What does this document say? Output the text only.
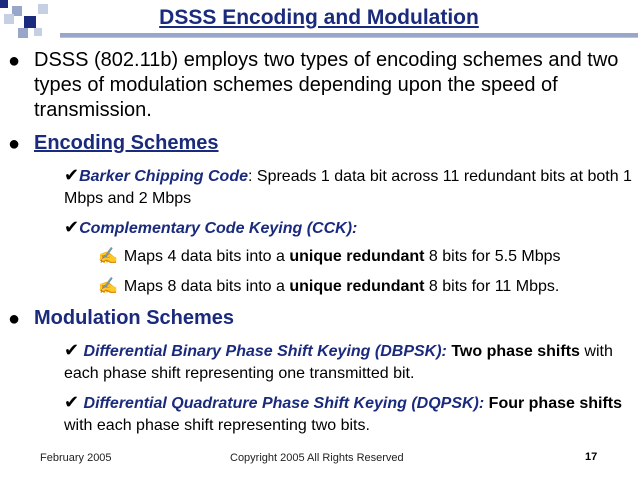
DSSS Encoding and Modulation
● DSSS (802.11b) employs two types of encoding schemes and two types of modulation schemes depending upon the speed of transmission.
● Encoding Schemes
✔Barker Chipping Code: Spreads 1 data bit across 11 redundant bits at both 1 Mbps and 2 Mbps
✔Complementary Code Keying (CCK):
✍ Maps 4 data bits into a unique redundant 8 bits for 5.5 Mbps
✍ Maps 8 data bits into a unique redundant 8 bits for 11 Mbps.
● Modulation Schemes
✔ Differential Binary Phase Shift Keying (DBPSK): Two phase shifts with each phase shift representing one transmitted bit.
✔ Differential Quadrature Phase Shift Keying (DQPSK): Four phase shifts with each phase shift representing two bits.
February 2005	Copyright 2005 All Rights Reserved	17
